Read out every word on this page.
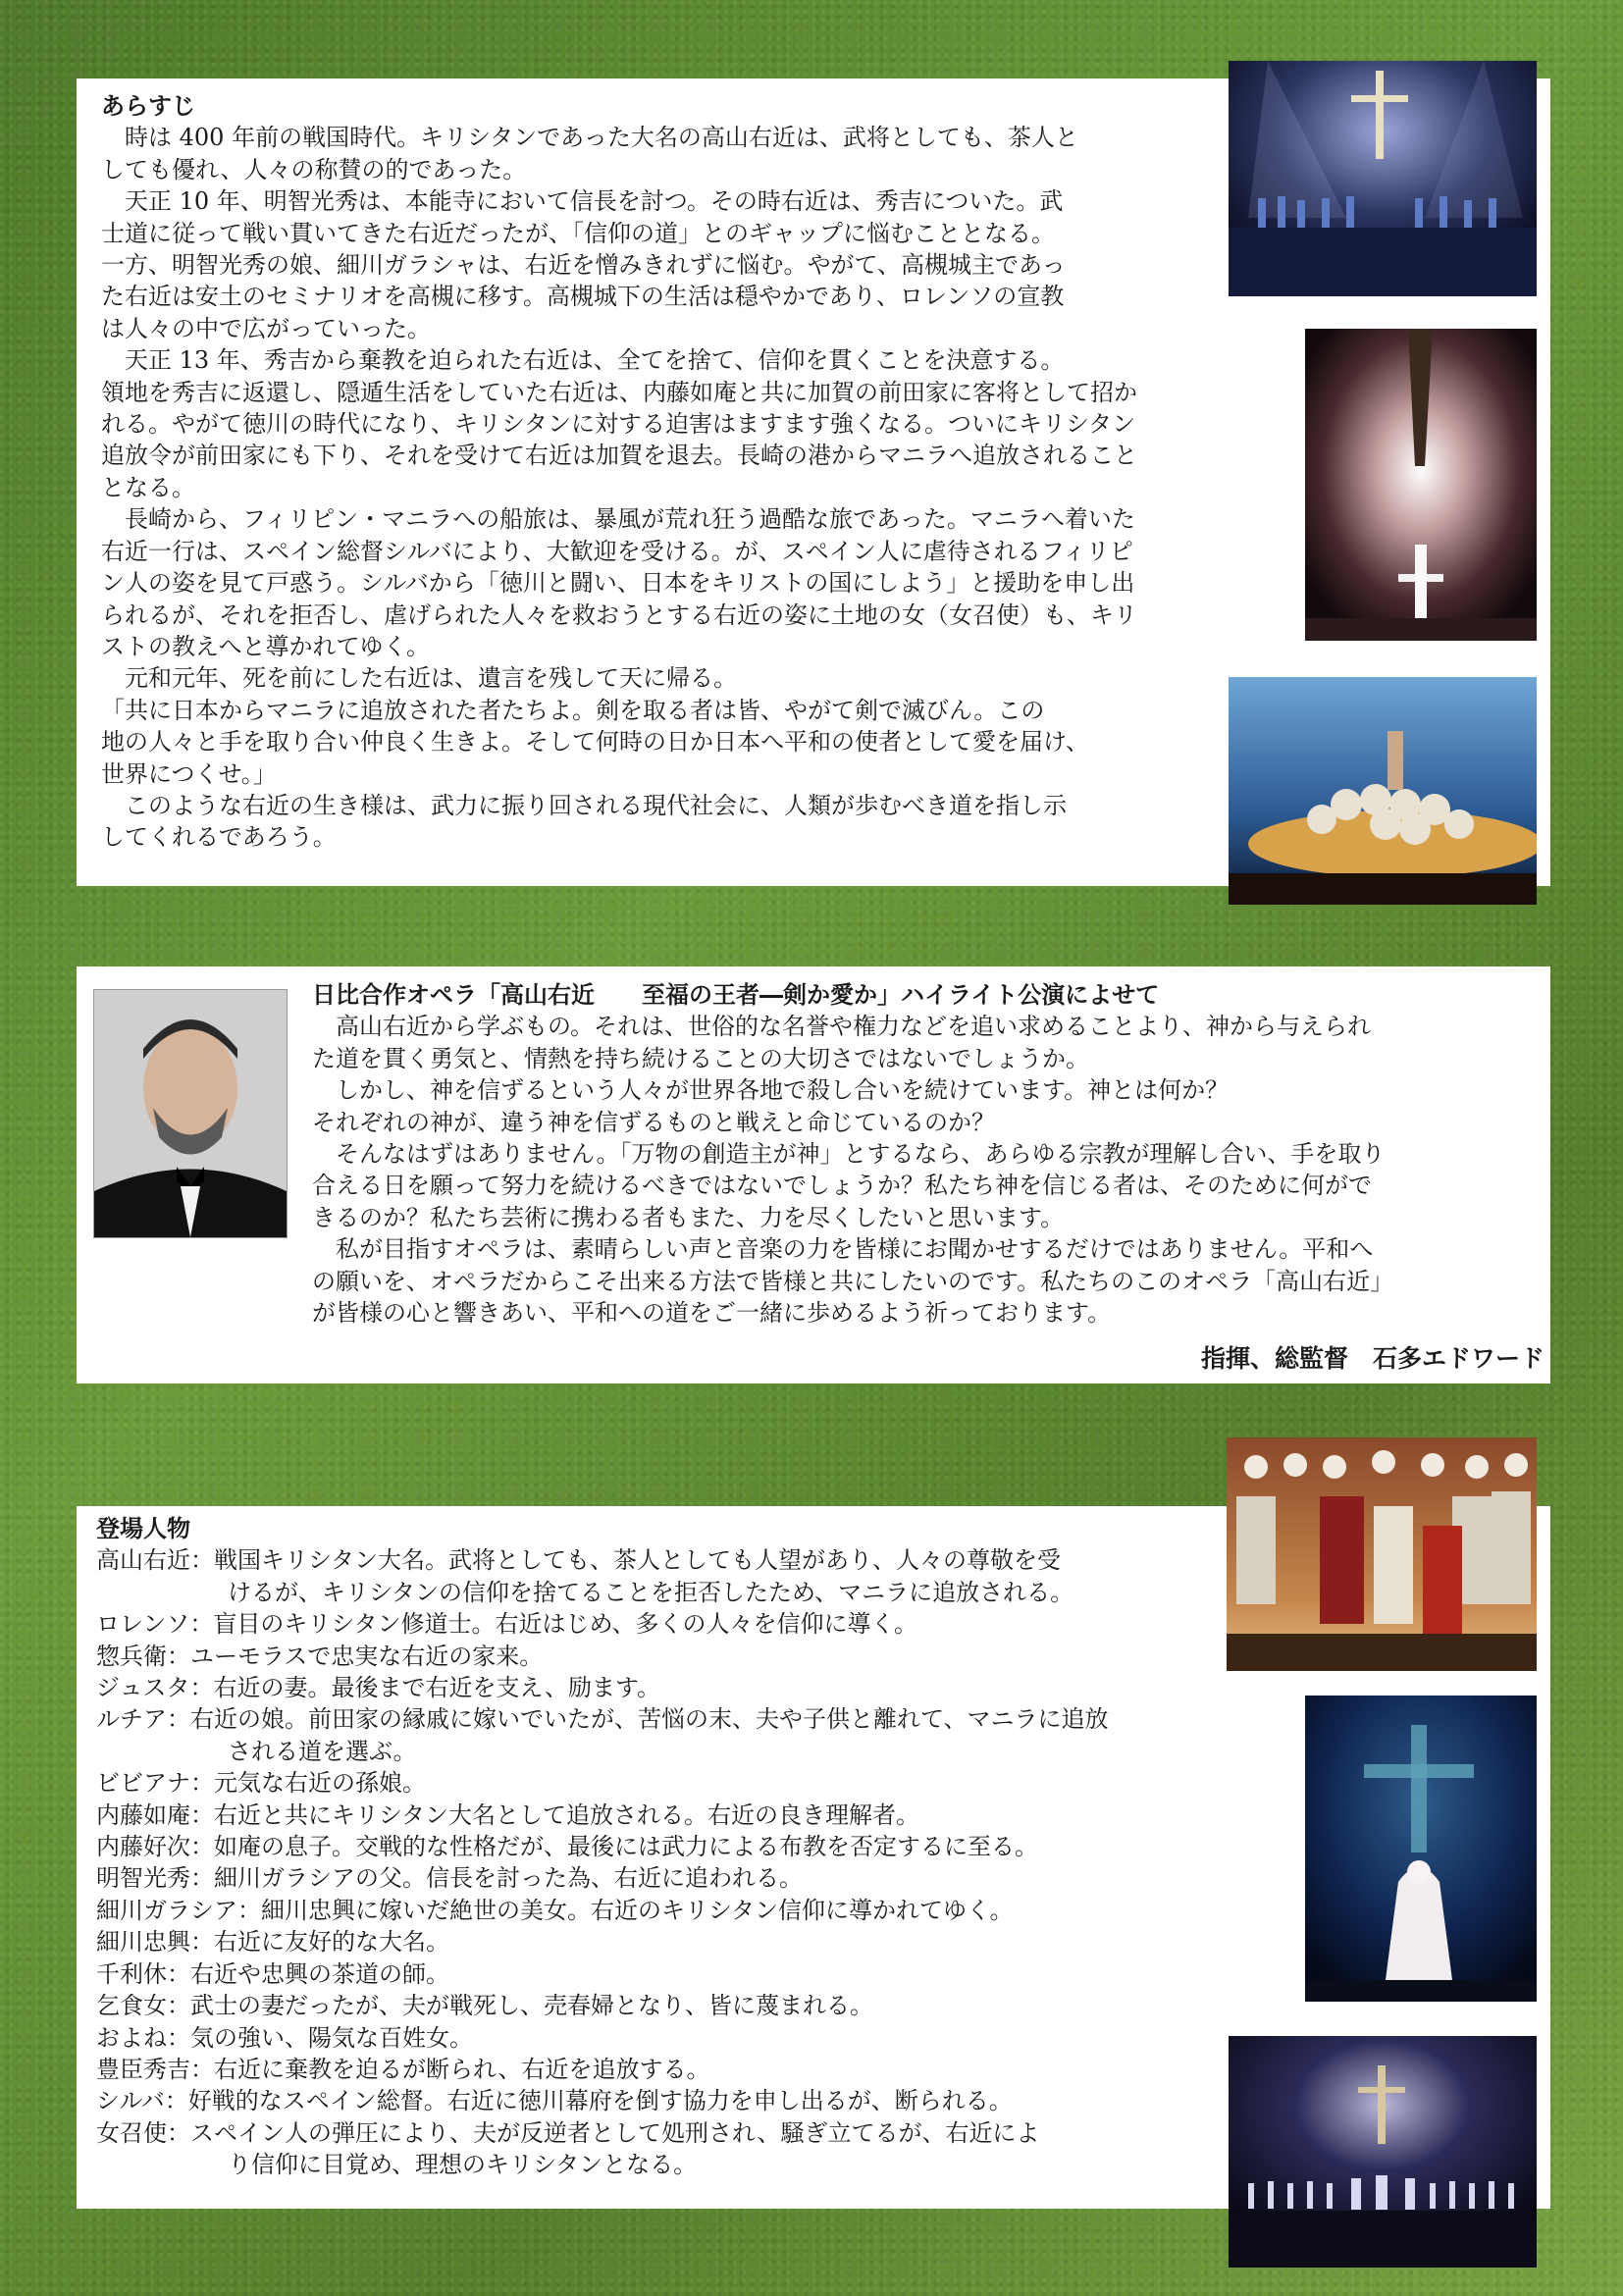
あらすじ

　時は 400 年前の戦国時代。キリシタンであった大名の高山右近は、武将としても、茶人と

しても優れ、人々の称賛の的であった。

　天正 10 年、明智光秀は、本能寺において信長を討つ。その時右近は、秀吉についた。武

士道に従って戦い貫いてきた右近だったが、「信仰の道」とのギャップに悩むこととなる。

一方、明智光秀の娘、細川ガラシャは、右近を憎みきれずに悩む。やがて、高槻城主であっ

た右近は安土のセミナリオを高槻に移す。高槻城下の生活は穏やかであり、ロレンソの宣教

は人々の中で広がっていった。

　天正 13 年、秀吉から棄教を迫られた右近は、全てを捨て、信仰を貫くことを決意する。

領地を秀吉に返還し、隠遁生活をしていた右近は、内藤如庵と共に加賀の前田家に客将として招か

れる。やがて徳川の時代になり、キリシタンに対する迫害はますます強くなる。ついにキリシタン

追放令が前田家にも下り、それを受けて右近は加賀を退去。長崎の港からマニラへ追放されること

となる。

　長崎から、フィリピン・マニラへの船旅は、暴風が荒れ狂う過酷な旅であった。マニラへ着いた

右近一行は、スペイン総督シルバにより、大歓迎を受ける。が、スペイン人に虐待されるフィリピ

ン人の姿を見て戸惑う。シルバから「徳川と闘い、日本をキリストの国にしよう」と援助を申し出

られるが、それを拒否し、虐げられた人々を救おうとする右近の姿に土地の女（女召使）も、キリ

ストの教えへと導かれてゆく。

　元和元年、死を前にした右近は、遺言を残して天に帰る。

「共に日本からマニラに追放された者たちよ。剣を取る者は皆、やがて剣で滅びん。この

地の人々と手を取り合い仲良く生きよ。そして何時の日か日本へ平和の使者として愛を届け、

世界につくせ。」

　このような右近の生き様は、武力に振り回される現代社会に、人類が歩むべき道を指し示

してくれるであろう。

日比合作オペラ「高山右近　　至福の王者―剣か愛か」ハイライト公演によせて

　高山右近から学ぶもの。それは、世俗的な名誉や権力などを追い求めることより、神から与えられ

た道を貫く勇気と、情熱を持ち続けることの大切さではないでしょうか。

　しかし、神を信ずるという人々が世界各地で殺し合いを続けています。神とは何か？

それぞれの神が、違う神を信ずるものと戦えと命じているのか？

　そんなはずはありません。「万物の創造主が神」とするなら、あらゆる宗教が理解し合い、手を取り

合える日を願って努力を続けるべきではないでしょうか？私たち神を信じる者は、そのために何がで

きるのか？私たち芸術に携わる者もまた、力を尽くしたいと思います。

　私が目指すオペラは、素晴らしい声と音楽の力を皆様にお聞かせするだけではありません。平和へ

の願いを、オペラだからこそ出来る方法で皆様と共にしたいのです。私たちのこのオペラ「高山右近」

が皆様の心と響きあい、平和への道をご一緒に歩めるよう祈っております。

指揮、総監督　石多エドワード

登場人物

高山右近 ：戦国キリシタン大名。武将としても、茶人としても人望があり、人々の尊敬を受
けるが、キリシタンの信仰を捨てることを拒否したため、マニラに追放される。
ロレンソ ：盲目のキリシタン修道士。右近はじめ、多くの人々を信仰に導く。
惣兵衛 ：ユーモラスで忠実な右近の家来。
ジュスタ ：右近の妻。最後まで右近を支え、励ます。
ルチア ：右近の娘。前田家の縁戚に嫁いでいたが、苦悩の末、夫や子供と離れて、マニラに追放
される道を選ぶ。
ビビアナ ：元気な右近の孫娘。
内藤如庵 ：右近と共にキリシタン大名として追放される。右近の良き理解者。
内藤好次 ：如庵の息子。交戦的な性格だが、最後には武力による布教を否定するに至る。
明智光秀 ：細川ガラシアの父。信長を討った為、右近に追われる。
細川ガラシア ：細川忠興に嫁いだ絶世の美女。右近のキリシタン信仰に導かれてゆく。
細川忠興 ：右近に友好的な大名。
千利休 ：右近や忠興の茶道の師。
乞食女 ：武士の妻だったが、夫が戦死し、売春婦となり、皆に蔑まれる。
およね ：気の強い、陽気な百姓女。
豊臣秀吉 ：右近に棄教を迫るが断られ、右近を追放する。
シルバ ：好戦的なスペイン総督。右近に徳川幕府を倒す協力を申し出るが、断られる。
女召使 ：スペイン人の弾圧により、夫が反逆者として処刑され、騒ぎ立てるが、右近によ
り信仰に目覚め、理想のキリシタンとなる。
